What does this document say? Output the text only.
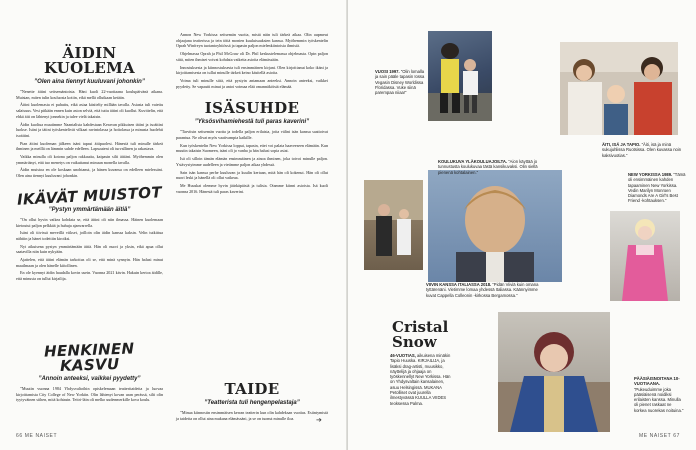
ÄIDIN KUOLEMA
”Olen aina tiennyt kuuluvani johonkin”

”Nenette äitini seitsemäntoista. Häni kuoli 22-vuotiaana koulupäivänä aikana. Muistan, miten tulin kouluosta kotiin, eikä mellä ollutkaan ketään.

Äitini kuolemasta ei puhuttu, eikä asiaa käsitelty millään tavalla. Asiasta tuli vaiettu salaisuus. Vesi pitkään ennen kuin aston selviä, että tuttu äitini oli kuollut. Kuvittelin, että ehkä äiti on lähtenyt jonnekin ja tulee vielä takaisin.

Äidin kuoltua muutimme Naantalista kahdestaan Keravan pikkuisen tätini ja isoäitini luokse. Isäni ja tätini työskentelivät vilkaat ravintolassa ja hoitolassa ja minusta huolehti isoäitini.

Pian äitini kuoleman jälkeen isäni tapasi äitipuolesi. Hänestä tuli minulle tärkeä ihminen ja meillä on lämmin suhde edelleen. Lapsuuteni oli turvallinen ja rakastava.

Vaikka minulla oli kotona paljon rakkautta, kaipasin silti äitiäni. Myöhemmin olen ymmärtänyt, että tuo menetys on vaikuttanut minuun monella tavalla.

Äidin muistoa en ole koskaan unohtanut, ja hänen kuvansa on edelleen mielessäni. Olen aina tiennyt kuuluvani johonkin.

IKÄVÄT MUISTOT
”Pystyn ymmärtämään äitiä”

”On ollut hyvin vaikea kohdata se, että äitini oli niin ilmassa. Häinen kuolemaan kietoutui paljon pelkkää ja huhuja ajanvarrella.

Isäni oli tiivissä meveillä viikset, joilloin olin äidin kanssa kaksin. Velin tutkittua nähtiin ja hänet todettiin kiroiksi.

Nyt aikuisena pystyn ymmärtämään äitiä. Hän oli nuori ja yksin, eikä apua ollut saatavilla niin kuin nykyään.

Ajattelen, että äitini elämän tarkoitus oli se, että minä synnyin. Hän halusi minut maailmaan ja olen hänelle kiitollinen.

En ole kyennyt äidin haudalla kovin usein. Vuonna 2021 kävin. Hakuin kertoa äidille, että minusta on tullut kirjailija.

HENKINEN KASVU
”Annoin anteeksi, vaikkei pyydetty”

”Muutin vuonna 1984 Yhdysvaltoihin opiskelemaan teatteritaidetta ja luovaa kirjoittamista City College of New Yorkiin. Olin lähtenyt kovan uran perässä, silti olin tyytyväinen siihen, mitä kohtasin. Teitri-läin oli melko uudenmerkille kova koulu.

Annon New Yorkissa seitsemän vuotta, mistä näin tuli tärkeä aikaa. Olin aupmeut ohjaajana teatterissa ja tein töitä monien kuuluisuuksien kanssa. Myöhemmin työskentelin Oprah Winfreyn tuotantoyhtiössä ja tapasin paljon mielenkiintoisia ihmisiä.

Ohjelmassa Oprah ja Phil McGraw oli Dr. Phil keskustelemassa ohjelmasta. Opin paljon siitä, miten ihmiset voivat kohdata vaikeita asioita elämässään.

Innostuksesta ja kiinnostuksesta tuli ensimmäinen kirjani. Olen kirjoittanut koko ikäni ja kirjoittamisesta on tullut minulle tärkeä keino käsitellä asioita.

Voima tuli minulle siitä, että pystyin antamaan anteeksi. Annoin anteeksi, vaikkei pyydetty. Se vapautti minut ja antoi voimaa elää omannäköistä elämää.

ISÄSUHDE
”Yksösvihamiehestä tuli paras kaverini”

”Tarvitsin seitsemän vuotta ja todella paljon erilaisia, joita välini isän kanssa saattoivat parantua. Ne olivat myös vaativampia kaikille.

Kun työskentelin New Yorkissa loppui, tapasin, ettei voi palata haaveeseen elämään. Kun muutin takaisin Suomeen, isäni oli jo vanha ja hän halusi sopia asiat.

Isä oli silloin tämän elämän ensimmäinen ja ainoa ihminen, joka toivoi minulle paljon. Ystävystyimme uudelleen ja vietimme paljon aikaa yhdessä.

Sain isän kanssa perhe kuuluvan ja kuulin kertaan, mitä hän oli kokenut. Hän oli ollut nuori leski ja hänellä oli ollut vaikeaa.

Me Huuskat olemme hyvin jäärkäpäisiä ja tulisia. Otamme kiinni asioista. Isä kuoli vuonna 2016. Hänestä tuli paras kaverini.

TAIDE
”Teatterista tuli hengenpelastaja”

”Minua kiinnostin ensimmäisen kerran teatterin kun olin kahdeksan vuotias. Esiintymistä ja taidetta on ollut aina mukana elämässäni, ja se on tuonut minulle iloa.

66 ME NAISET
➔
VUOSI 1997. ”Olin lomalla ja sain pääle tapasin Iossa Vegasin Disney Worldissa Floridassa. Vuke siinä parempaa niiaa!”
ÄITI, ISÄ JA TAPIO. ”Äiti, isä ja minä sukujuhlissa Ruotsissa. Olen kuvassa noin kaksivuotias.”
KOULUKUVA YLÄKOULUAJOILTA. ”Aion käyttää jo tunnustusta koulukuvaa tästä kansikuvaksi. Olin siellä pienenä kohtalainen.”	NEW YORKISSA 1989. ”Tämä oli ensimmäinen kahden tapaaminen New Yorkissa. Vedin Marilyn Monroen Diamonds Are A Girl's Best Friend -kohtauksen.”
VIIVIN KANSSA ITALIASSA 2018. ”Pidän Viiviä kuin omana tyttärenäni. Vietimme lomaa yhdessä Italiassa. Käännyimme kuvat Cappella Colleonin -kirkossa Bergamossa.”
Cristal Snow
46-VUOTIAS, aikuisena minäkin Tapio Huuska. KIRJAILIJA, ja lisäksi drag-artisti, muusikko, näyttelijä ja ohjaaja on työskennellyt New Yorkissa. Hän on Yhdysvaltain kansalainen, asuu Helsingissä. MUKANA Petolliset ovat juurella ilmestyvässä KUULLA VIIDES teoksessa Palma.
PÄÄSIÄISNOITANA 10-VUOTIAANA. ”Pukeuduimme joka pääsiäisenä noidiksi erilaisten kanssa. Minulla oli pienet raskaat ne korkea nuorekas noituina.”
ME NAISET 67
